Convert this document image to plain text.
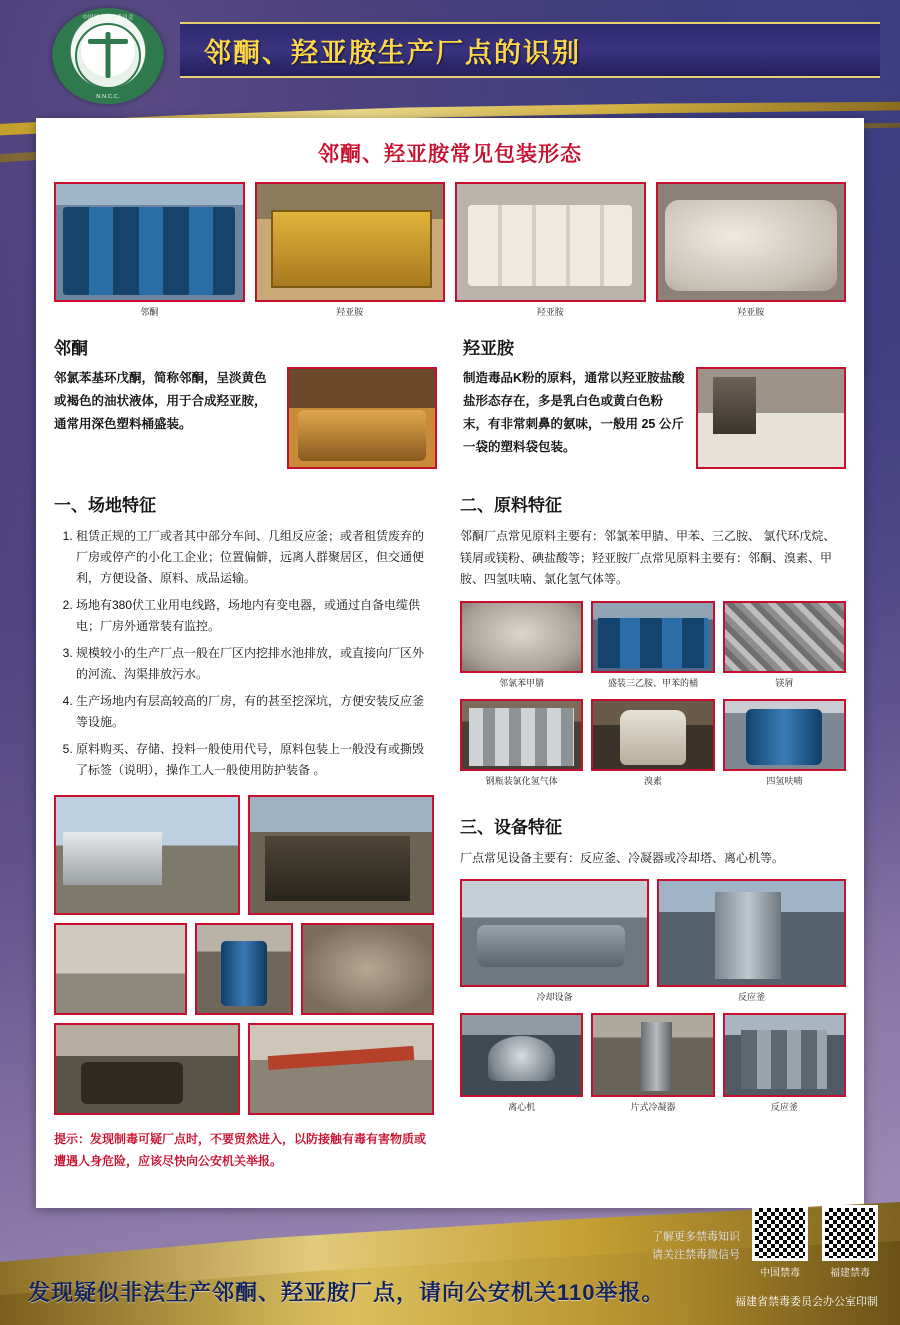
中国国家禁毒委员会
N.N.C.C.
邻酮、羟亚胺生产厂点的识别
邻酮、羟亚胺常见包装形态
邻酮	羟亚胺	羟亚胺	羟亚胺
邻酮
邻氯苯基环戊酮，简称邻酮，呈淡黄色或褐色的油状液体，用于合成羟亚胺，通常用深色塑料桶盛装。
羟亚胺
制造毒品K粉的原料，通常以羟亚胺盐酸盐形态存在，多是乳白色或黄白色粉末，有非常刺鼻的氨味，一般用 25 公斤一袋的塑料袋包装。
一、场地特征
1. 租赁正规的工厂或者其中部分车间、几组反应釜；或者租赁废弃的厂房或停产的小化工企业；位置偏僻，远离人群聚居区，但交通便利，方便设备、原料、成品运输。
2. 场地有380伏工业用电线路，场地内有变电器，或通过自备电缆供电；厂房外通常装有监控。
3. 规模较小的生产厂点一般在厂区内挖排水池排放，或直接向厂区外的河流、沟渠排放污水。
4. 生产场地内有层高较高的厂房，有的甚至挖深坑，方便安装反应釜等设施。
5. 原料购买、存储、投料一般使用代号，原料包装上一般没有或撕毁了标签（说明），操作工人一般使用防护装备 。
提示：发现制毒可疑厂点时，不要贸然进入，以防接触有毒有害物质或遭遇人身危险，应该尽快向公安机关举报。
二、原料特征

邻酮厂点常见原料主要有：邻氯苯甲腈、甲苯、三乙胺、 氯代环戊烷、镁屑或镁粉、碘盐酸等；羟亚胺厂点常见原料主要有：邻酮、溴素、甲胺、四氢呋喃、氯化氢气体等。

邻氯苯甲腈	盛装三乙胺、甲苯的桶	镁屑
钢瓶装氯化氢气体	溴素	四氢呋喃
三、设备特征

厂点常见设备主要有：反应釜、冷凝器或冷却塔、离心机等。

冷却设备	反应釜
离心机	片式冷凝器	反应釜
了解更多禁毒知识
请关注禁毒微信号
中国禁毒	福建禁毒
福建省禁毒委员会办公室印制
发现疑似非法生产邻酮、羟亚胺厂点，请向公安机关110举报。
